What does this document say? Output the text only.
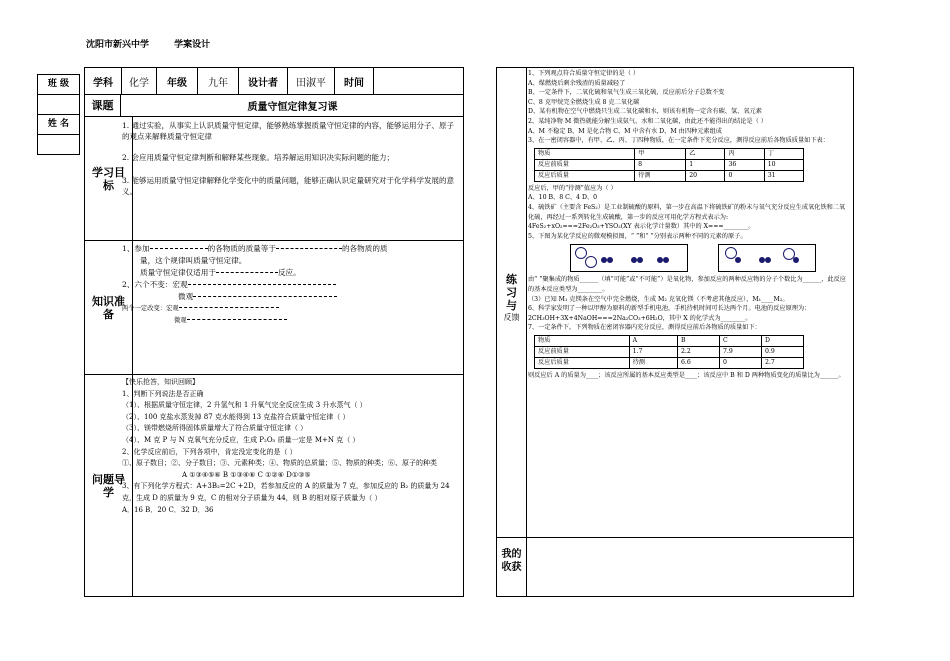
沈阳市新兴中学	学案设计
班 级
姓 名
学科	化学	年级	九年	设计者	田淑平	时间
课题	质量守恒定律复习课
学习目标

1. 通过实验，从事实上认识质量守恒定律，能够熟练掌握质量守恒定律的内容，能够运用分子、原子的观点来解释质量守恒定律

2. 会应用质量守恒定律判断和解释某些现象。培养解运用知识决实际问题的能力；

3. 能够运用质量守恒定律解释化学变化中的质量问题，能够正确认识定量研究对于化学科学发展的意义。

知识准备
1、参加	的各物质的质量等于	的各物质的质
量，这个规律叫质量守恒定律。
质量守恒定律仅适用于	反应。
2、六个不变：宏观
微观
两个一定改变：宏观
微观
问题导学
【快乐抢答，知识回顾】
1、判断下列说法是否正确
（1）、根据质量守恒定律，2 升氢气和 1 升氧气完全反应生成 3 升水蒸气（ ）
（2）、100 克盐水蒸发掉 87 克水能得到 13 克盐符合质量守恒定律（ ）
（3）、镁带燃烧所得固体质量增大了符合质量守恒定律（ ）
（4）、M 克 P 与 N 克氧气充分反应，生成 P₂O₅ 质量一定是 M+N 克（ ）
2、化学反应前后，下列各项中，肯定没定变化的是（ ）
①、原子数目；②、分子数目；③、元素种类；④、物质的总质量；⑤、物质的种类；⑥、原子的种类
A ①③④⑤⑥ B ①③④⑥ C ①②⑥ D①③⑤
3、有下列化学方程式：A+3B₂=2C +2D，若参加反应的 A 的质量为 7 克，参加反应的 B₂ 的质量为 24 克，生成 D 的质量为 9 克，C 的相对分子质量为 44，则 B 的相对原子质量为（ ）
A．16 B．20 C．32 D．36
练习与
反馈
我的收获
1、下列观点符合质量守恒定律的是（ ）
A、煤燃烧后剩余残渣的质量减轻了
B、一定条件下，二氧化硫和氧气生成三氧化硫，反应前后分子总数不变
C、8 克甲烷完全燃烧生成 8 克二氧化碳
D、某有机物在空气中燃烧只生成二氧化碳和水，则该有机物一定含有碳、氢、氧元素
2、某纯净物 M 微热就能分解生成氨气、水和二氧化碳，由此还不能得出的结论是（ ）
A、M 不稳定 B、M 是化合物 C、M 中含有水 D、M 由四种元素组成
3、在一密闭容器中，有甲、乙、丙、丁四种物质，在一定条件下充分反应，测得反应前后各物质质量如下表：
物质	甲	乙	丙	丁
反应前质量	8	1	36	10
反应后质量	待测	20	0	31
反应后，甲的“待测”值应为（ ）
A、10 B、8 C、4 D、0
4、硫铁矿（主要含 FeS₂）是工业制硫酸的原料，第一步在高温下将硫铁矿的粉末与氧气充分反应生成氧化铁和二氧化硫，再经过一系列转化生成硫酸，第一步的反应可用化学方程式表示为:
4FeS₂+xO₂===2Fe₂O₃+YSO₂(XY 表示化学计量数）其中的 X===________。
5、下图为某化学反应的微观模拟图，“ ”和“ ”分别表示两种不同的元素的原子。
由“ ”聚集成的物质______（填“可能”或“不可能”）是氧化物，参加反应的两种反应物的分子个数比为______，此反应的基本反应类型为________。
（3）已知 M₁ 克镁条在空气中完全燃烧，生成 M₂ 克氧化镁（不考虑其他反应），M₁____M₂。
6、科学家发明了一种以甲醇为原料的新型手机电池，手机待机时间可长达两个月。电池的反应原理为：2CH₃OH+3X+4NaOH===2Na₂CO₃+6H₂O，其中 X 的化学式为________。
7、一定条件下，下列物质在密闭容器内充分反应，测得反应前后各物质的质量如下：
物质	A	B	C	D
反应前质量	1.7	2.2	7.9	0.9
反应后质量	待测	6.6	0	2.7
则反应后 A 的质量为____；该反应所属的基本反应类型是____；该反应中 B 和 D 两种物质变化的质量比为______。
